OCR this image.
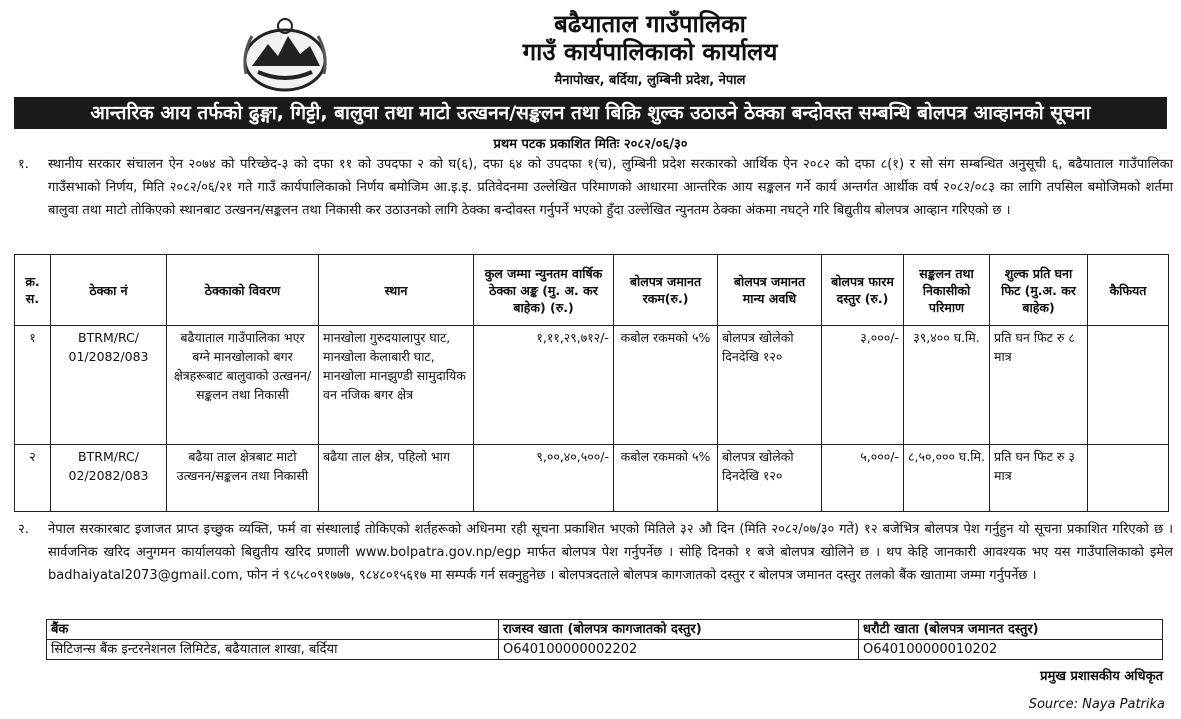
बढैयाताल गाउँपालिका
गाउँ कार्यपालिकाको कार्यालय
मैनापोखर, बर्दिया, लुम्बिनी प्रदेश, नेपाल
आन्तरिक आय तर्फको ढुङ्गा, गिट्टी, बालुवा तथा माटो उत्खनन/सङ्कलन तथा बिक्रि शुल्क उठाउने ठेक्का बन्दोवस्त सम्बन्धि बोलपत्र आव्हानको सूचना
प्रथम पटक प्रकाशित मितिः २०८२/०६/३०
१.	स्थानीय सरकार संचालन ऐन २०७४ को परिच्छेद-३ को दफा ११ को उपदफा २ को घ(६), दफा ६४ को उपदफा १(च), लुम्बिनी प्रदेश सरकारको आर्थिक ऐन २०८२ को दफा ८(१) र सो संग सम्बन्धित अनुसूची ६, बढैयाताल गाउँपालिका गाउँसभाको निर्णय, मिति २०८२/०६/२१ गते गाउँ कार्यपालिकाको निर्णय बमोजिम आ.इ.इ. प्रतिवेदनमा उल्लेखित परिमाणको आधारमा आन्तरिक आय सङ्कलन गर्ने कार्य अन्तर्गत आर्थीक वर्ष २०८२/०८३ का लागि तपसिल बमोजिमको शर्तमा बालुवा तथा माटो तोकिएको स्थानबाट उत्खनन/सङ्कलन तथा निकासी कर उठाउनको लागि ठेक्का बन्दोवस्त गर्नुपर्ने भएको हुँदा उल्लेखित न्युनतम ठेक्का अंकमा नघट्ने गरि बिद्युतीय बोलपत्र आव्हान गरिएको छ ।
क्र. स.	ठेक्का नं	ठेक्काको विवरण	स्थान	कुल जम्मा न्युनतम वार्षिक ठेक्का अङ्क (मु. अ. कर बाहेक) (रु.)	बोलपत्र जमानत रकम(रु.)	बोलपत्र जमानत मान्य अवधि	बोलपत्र फारम दस्तुर (रु.)	सङ्कलन तथा निकासीको परिमाण	शुल्क प्रति घना फिट (मु.अ. कर बाहेक)	कैफियत
१	BTRM/RC/ 01/2082/083	बढैयाताल गाउँपालिका भएर बग्ने मानखोलाको बगर क्षेत्रहरूबाट बालुवाको उत्खनन/ सङ्कलन तथा निकासी	मानखोला गुरुदयालापुर घाट, मानखोला केलाबारी घाट, मानखोला मानझुण्डी सामुदायिक वन नजिक बगर क्षेत्र	१,११,२९,७१२/-	कबोल रकमको ५%	बोलपत्र खोलेको दिनदेखि १२०	३,०००/-	३९,४०० घ.मि.	प्रति घन फिट रु ८ मात्र	
२	BTRM/RC/ 02/2082/083	बढैया ताल क्षेत्रबाट माटो उत्खनन/सङ्कलन तथा निकासी	बढैया ताल क्षेत्र, पहिलो भाग	९,००,४०,५००/-	कबोल रकमको ५%	बोलपत्र खोलेको दिनदेखि १२०	५,०००/-	८,५०,००० घ.मि.	प्रति घन फिट रु ३ मात्र	
२.	नेपाल सरकारबाट इजाजत प्राप्त इच्छुक व्यक्ति, फर्म वा संस्थालाई तोकिएको शर्तहरूको अधिनमा रही सूचना प्रकाशित भएको मितिले ३२ औ दिन (मिति २०८२/०७/३० गते) १२ बजेभित्र बोलपत्र पेश गर्नुहुन यो सूचना प्रकाशित गरिएको छ । सार्वजनिक खरिद अनुगमन कार्यालयको बिद्युतीय खरिद प्रणाली www.bolpatra.gov.np/egp मार्फत बोलपत्र पेश गर्नुपर्नेछ । सोहि दिनको १ बजे बोलपत्र खोलिने छ । थप केहि जानकारी आवश्यक भए यस गाउँपालिकाको इमेल badhaiyatal2073@gmail.com, फोन नं ९८५८०९१७७७, ९८४८०१५६१७ मा सम्पर्क गर्न सक्नुहुनेछ । बोलपत्रदताले बोलपत्र कागजातको दस्तुर र बोलपत्र जमानत दस्तुर तलको बैंक खातामा जम्मा गर्नुपर्नेछ ।
बैंक	राजस्व खाता (बोलपत्र कागजातको दस्तुर)	धरौटी खाता (बोलपत्र जमानत दस्तुर)
सिटिजन्स बैंक इन्टरनेशनल लिमिटेड, बढैयाताल शाखा, बर्दिया	O640100000002202	O640100000010202
प्रमुख प्रशासकीय अधिकृत
Source: Naya Patrika
